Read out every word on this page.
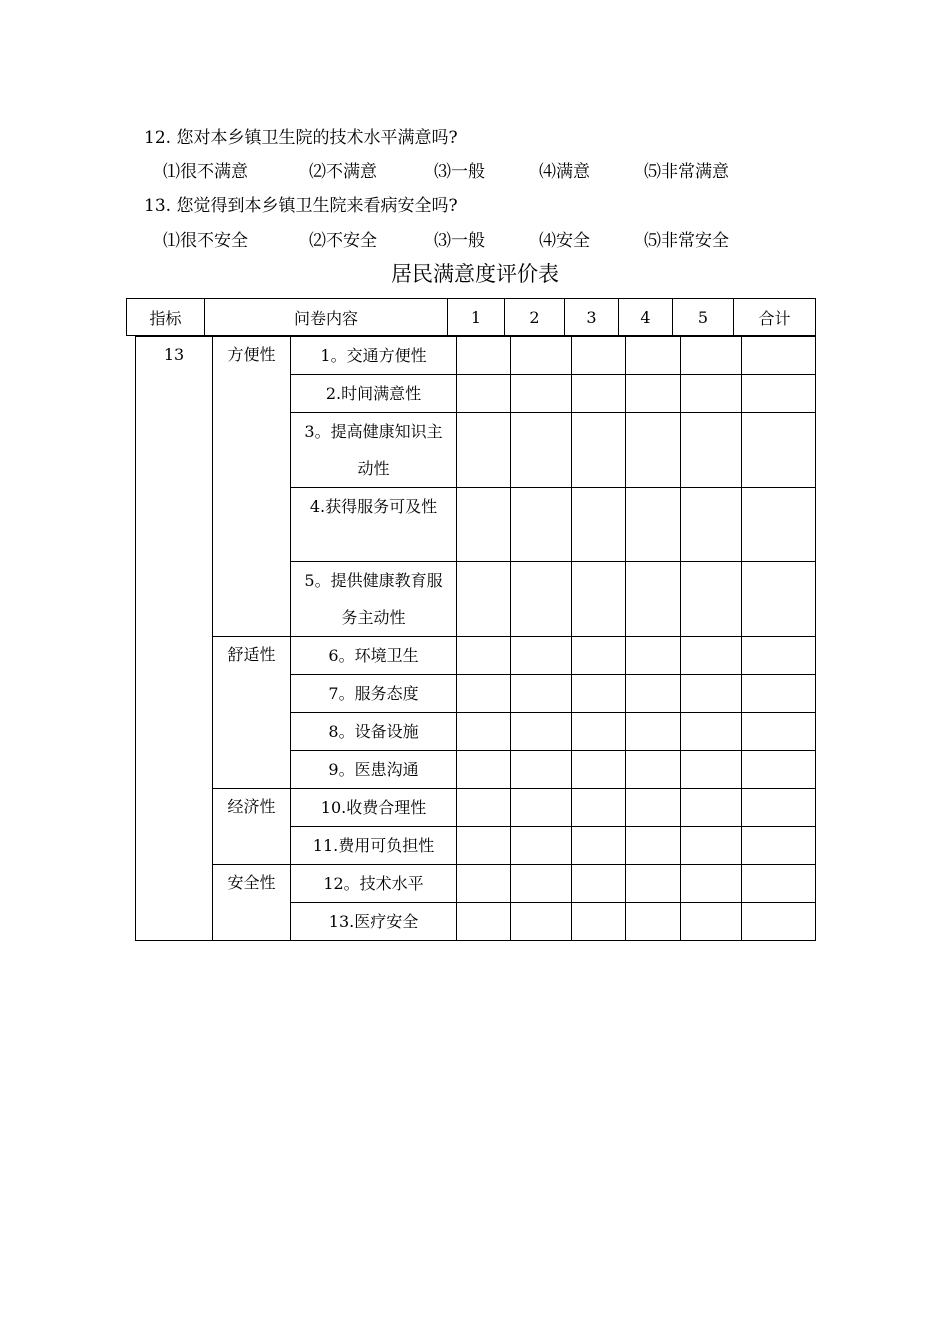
12. 您对本乡镇卫生院的技术水平满意吗?
⑴很不满意	⑵不满意	⑶一般	⑷满意	⑸非常满意
13. 您觉得到本乡镇卫生院来看病安全吗?
⑴很不安全	⑵不安全	⑶一般	⑷安全	⑸非常安全
居民满意度评价表
指标	问卷内容	1	2	3	4	5	合计
13	方便性	1。交通方便性						

		2.时间满意性						

		3。提高健康知识主动性						

		4.获得服务可及性						

		5。提供健康教育服务主动性						

	舒适性	6。环境卫生						

		7。服务态度						

		8。设备设施						

		9。医患沟通						

	经济性	10.收费合理性						

		11.费用可负担性						

	安全性	12。技术水平						

		13.医疗安全						
